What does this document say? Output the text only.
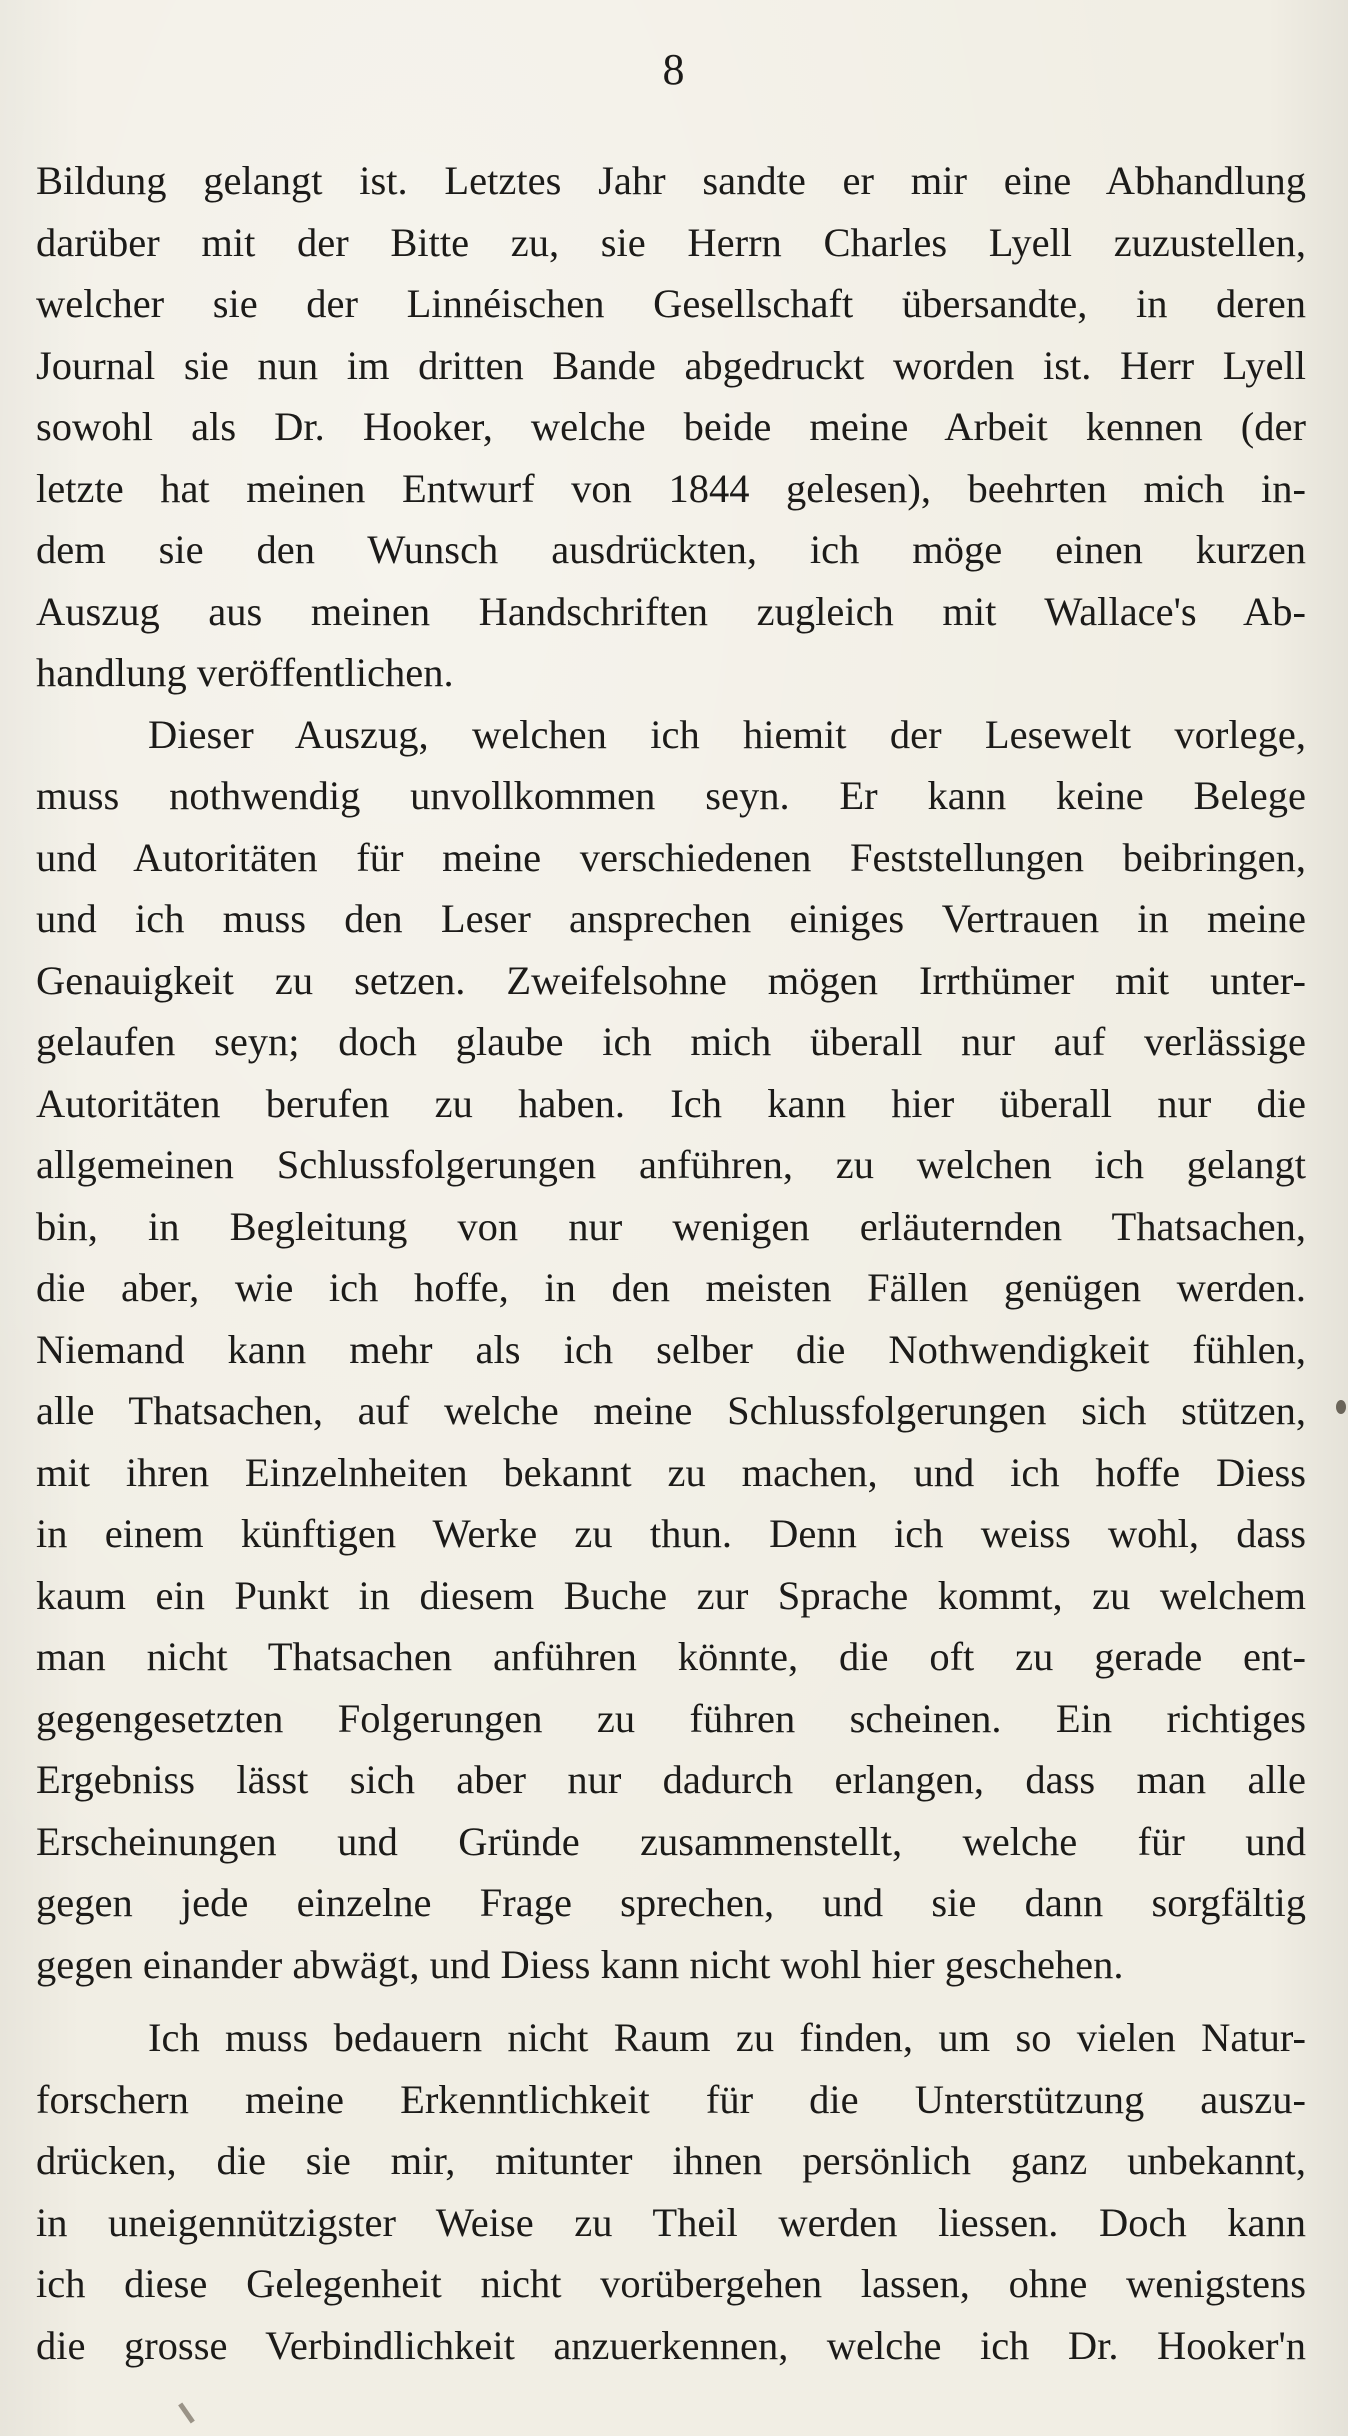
8
Bildung gelangt ist. Letztes Jahr sandte er mir eine Abhandlung
darüber mit der Bitte zu, sie Herrn Charles Lyell zuzustellen,
welcher sie der Linnéischen Gesellschaft übersandte, in deren
Journal sie nun im dritten Bande abgedruckt worden ist. Herr Lyell
sowohl als Dr. Hooker, welche beide meine Arbeit kennen (der
letzte hat meinen Entwurf von 1844 gelesen), beehrten mich in-
dem sie den Wunsch ausdrückten, ich möge einen kurzen
Auszug aus meinen Handschriften zugleich mit Wallace's Ab-
handlung veröffentlichen.
Dieser Auszug, welchen ich hiemit der Lesewelt vorlege,
muss nothwendig unvollkommen seyn. Er kann keine Belege
und Autoritäten für meine verschiedenen Feststellungen beibringen,
und ich muss den Leser ansprechen einiges Vertrauen in meine
Genauigkeit zu setzen. Zweifelsohne mögen Irrthümer mit unter-
gelaufen seyn; doch glaube ich mich überall nur auf verlässige
Autoritäten berufen zu haben. Ich kann hier überall nur die
allgemeinen Schlussfolgerungen anführen, zu welchen ich gelangt
bin, in Begleitung von nur wenigen erläuternden Thatsachen,
die aber, wie ich hoffe, in den meisten Fällen genügen werden.
Niemand kann mehr als ich selber die Nothwendigkeit fühlen,
alle Thatsachen, auf welche meine Schlussfolgerungen sich stützen,
mit ihren Einzelnheiten bekannt zu machen, und ich hoffe Diess
in einem künftigen Werke zu thun. Denn ich weiss wohl, dass
kaum ein Punkt in diesem Buche zur Sprache kommt, zu welchem
man nicht Thatsachen anführen könnte, die oft zu gerade ent-
gegengesetzten Folgerungen zu führen scheinen. Ein richtiges
Ergebniss lässt sich aber nur dadurch erlangen, dass man alle
Erscheinungen und Gründe zusammenstellt, welche für und
gegen jede einzelne Frage sprechen, und sie dann sorgfältig
gegen einander abwägt, und Diess kann nicht wohl hier geschehen.
Ich muss bedauern nicht Raum zu finden, um so vielen Natur-
forschern meine Erkenntlichkeit für die Unterstützung auszu-
drücken, die sie mir, mitunter ihnen persönlich ganz unbekannt,
in uneigennützigster Weise zu Theil werden liessen. Doch kann
ich diese Gelegenheit nicht vorübergehen lassen, ohne wenigstens
die grosse Verbindlichkeit anzuerkennen, welche ich Dr. Hooker'n
